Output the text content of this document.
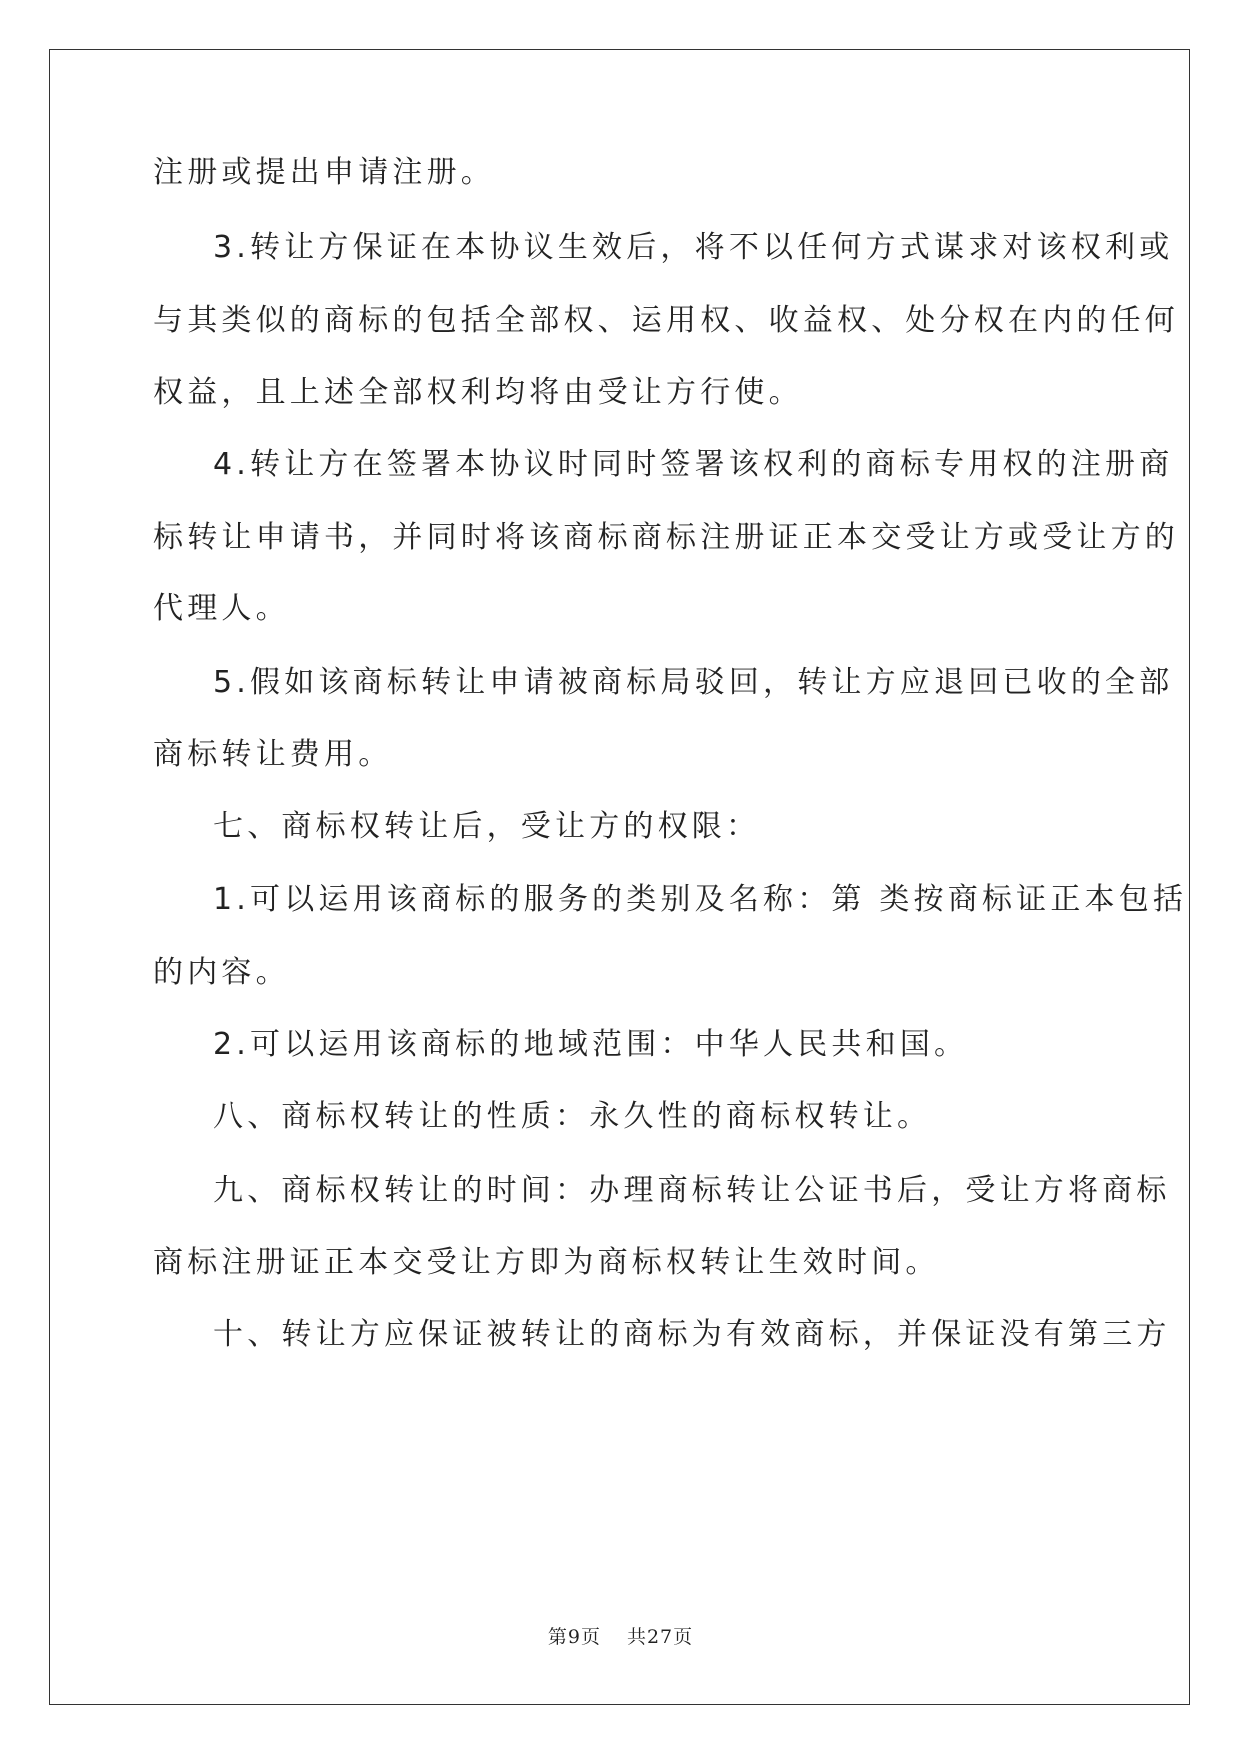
注册或提出申请注册。
3.转让方保证在本协议生效后，将不以任何方式谋求对该权利或
与其类似的商标的包括全部权、运用权、收益权、处分权在内的任何
权益，且上述全部权利均将由受让方行使。
4.转让方在签署本协议时同时签署该权利的商标专用权的注册商
标转让申请书，并同时将该商标商标注册证正本交受让方或受让方的
代理人。
5.假如该商标转让申请被商标局驳回，转让方应退回已收的全部
商标转让费用。
七、商标权转让后，受让方的权限：
1.可以运用该商标的服务的类别及名称：第 类按商标证正本包括
的内容。
2.可以运用该商标的地域范围：中华人民共和国。
八、商标权转让的性质：永久性的商标权转让。
九、商标权转让的时间：办理商标转让公证书后，受让方将商标
商标注册证正本交受让方即为商标权转让生效时间。
十、转让方应保证被转让的商标为有效商标，并保证没有第三方
第9页 共27页
